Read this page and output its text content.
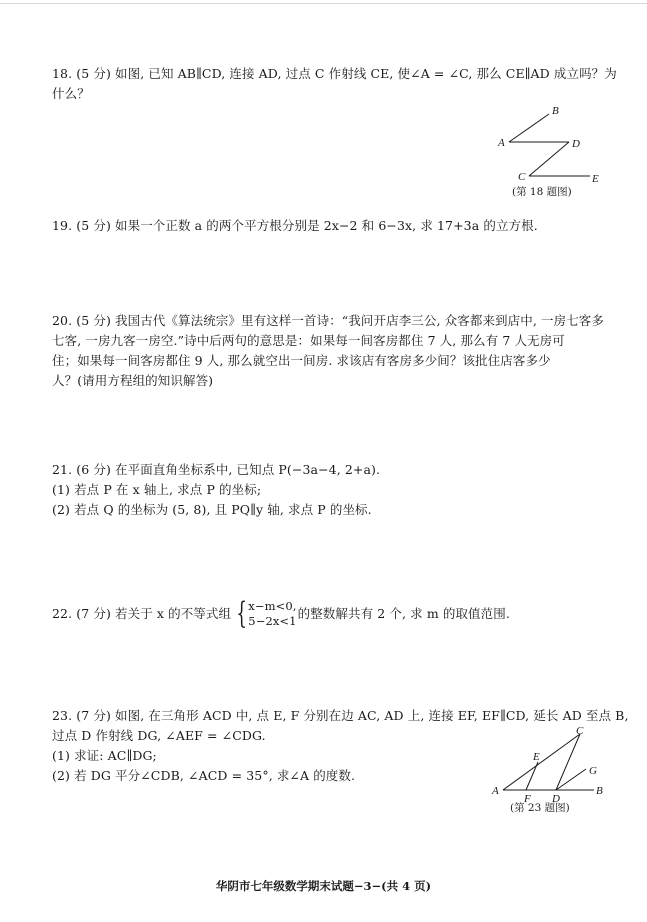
18. (5 分) 如图, 已知 AB∥CD, 连接 AD, 过点 C 作射线 CE, 使∠A = ∠C, 那么 CE∥AD 成立吗？为
什么？
B
A	D
C	E
(第 18 题图)
19. (5 分) 如果一个正数 a 的两个平方根分别是 2x−2 和 6−3x, 求 17+3a 的立方根.
20. (5 分) 我国古代《算法统宗》里有这样一首诗：“我问开店李三公, 众客都来到店中, 一房七客多
七客, 一房九客一房空.”诗中后两句的意思是：如果每一间客房都住 7 人, 那么有 7 人无房可
住；如果每一间客房都住 9 人, 那么就空出一间房. 求该店有客房多少间？该批住店客多少
人？(请用方程组的知识解答)
21. (6 分) 在平面直角坐标系中, 已知点 P(−3a−4, 2+a).
(1) 若点 P 在 x 轴上, 求点 P 的坐标;
(2) 若点 Q 的坐标为 (5, 8), 且 PQ∥y 轴, 求点 P 的坐标.
22. (7 分) 若关于 x 的不等式组 { x−m<0,
5−2x<1 的整数解共有 2 个, 求 m 的取值范围.
23. (7 分) 如图, 在三角形 ACD 中, 点 E, F 分别在边 AC, AD 上, 连接 EF, EF∥CD, 延长 AD 至点 B,
过点 D 作射线 DG, ∠AEF = ∠CDG.
(1) 求证: AC∥DG;
(2) 若 DG 平分∠CDB, ∠ACD = 35°, 求∠A 的度数.
C
E
G
A
F D
B
(第 23 题图)
华阴市七年级数学期末试题−3−(共 4 页)
